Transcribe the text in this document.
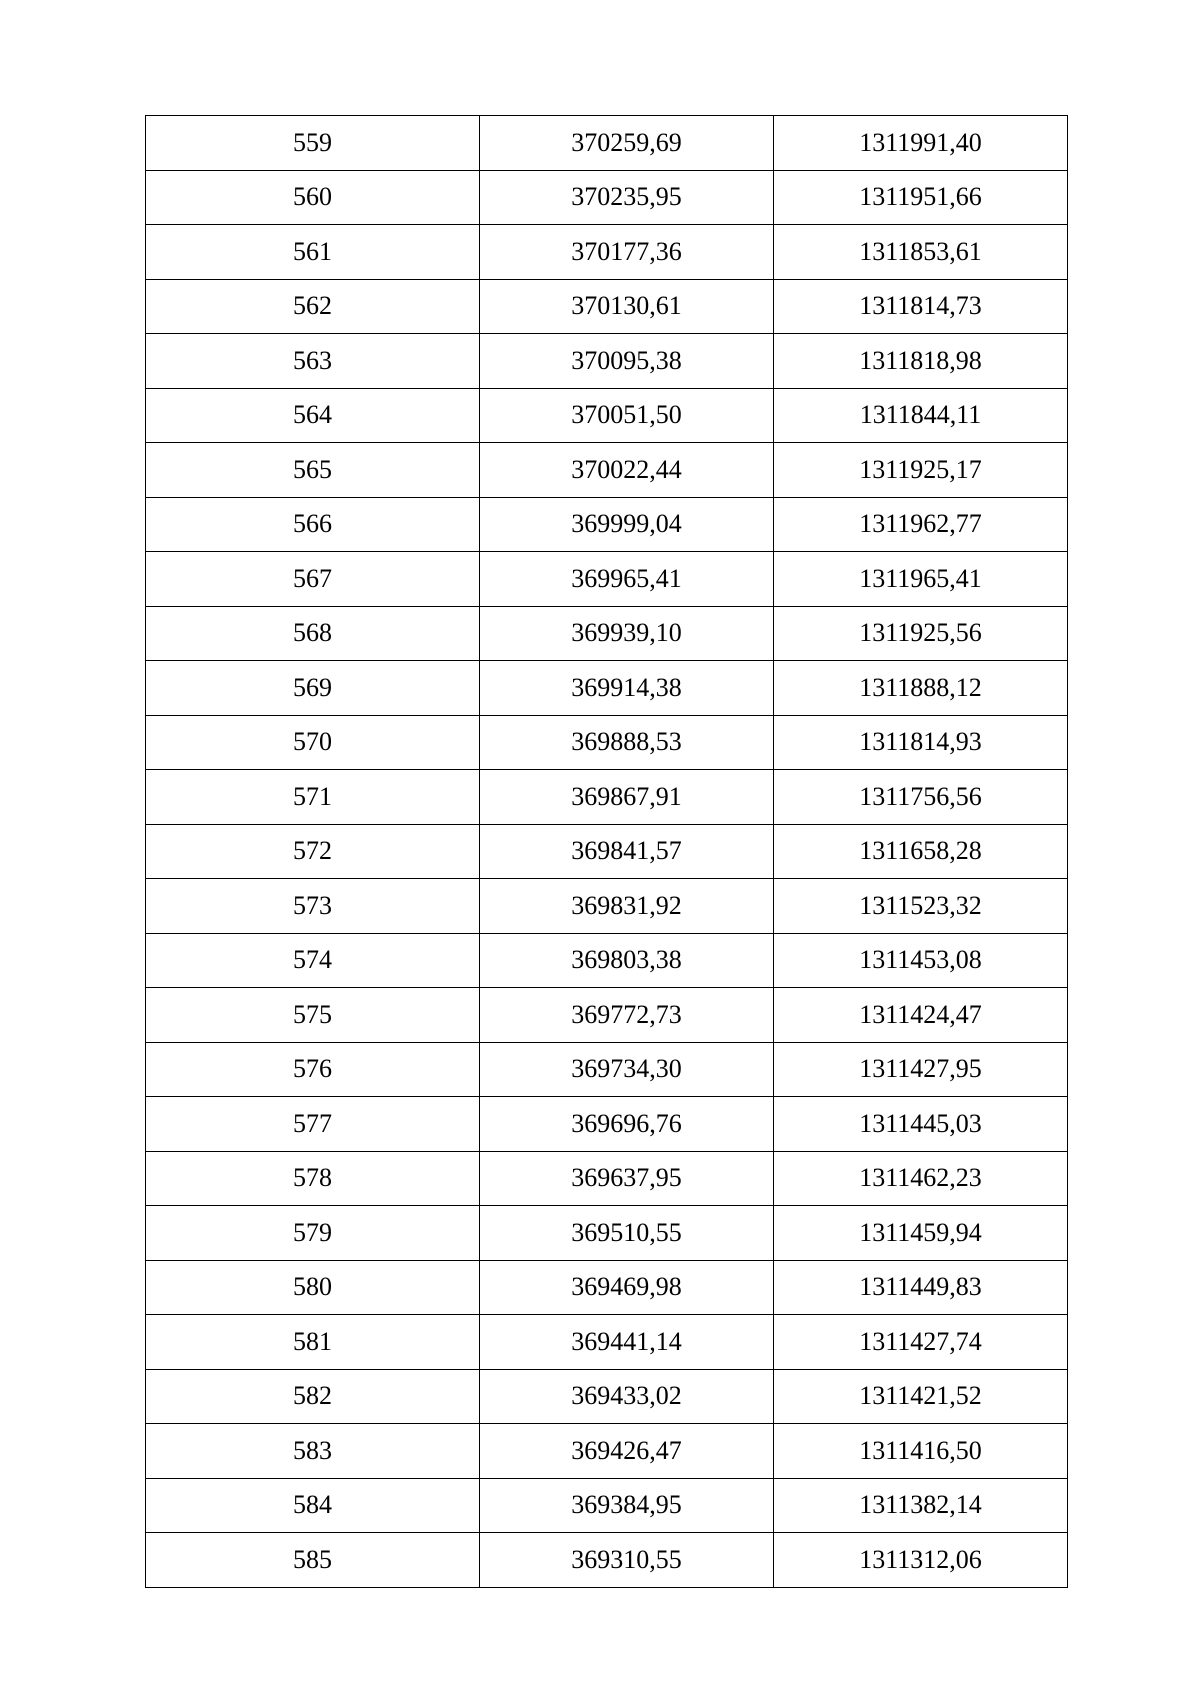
559	370259,69	1311991,40
560	370235,95	1311951,66
561	370177,36	1311853,61
562	370130,61	1311814,73
563	370095,38	1311818,98
564	370051,50	1311844,11
565	370022,44	1311925,17
566	369999,04	1311962,77
567	369965,41	1311965,41
568	369939,10	1311925,56
569	369914,38	1311888,12
570	369888,53	1311814,93
571	369867,91	1311756,56
572	369841,57	1311658,28
573	369831,92	1311523,32
574	369803,38	1311453,08
575	369772,73	1311424,47
576	369734,30	1311427,95
577	369696,76	1311445,03
578	369637,95	1311462,23
579	369510,55	1311459,94
580	369469,98	1311449,83
581	369441,14	1311427,74
582	369433,02	1311421,52
583	369426,47	1311416,50
584	369384,95	1311382,14
585	369310,55	1311312,06
